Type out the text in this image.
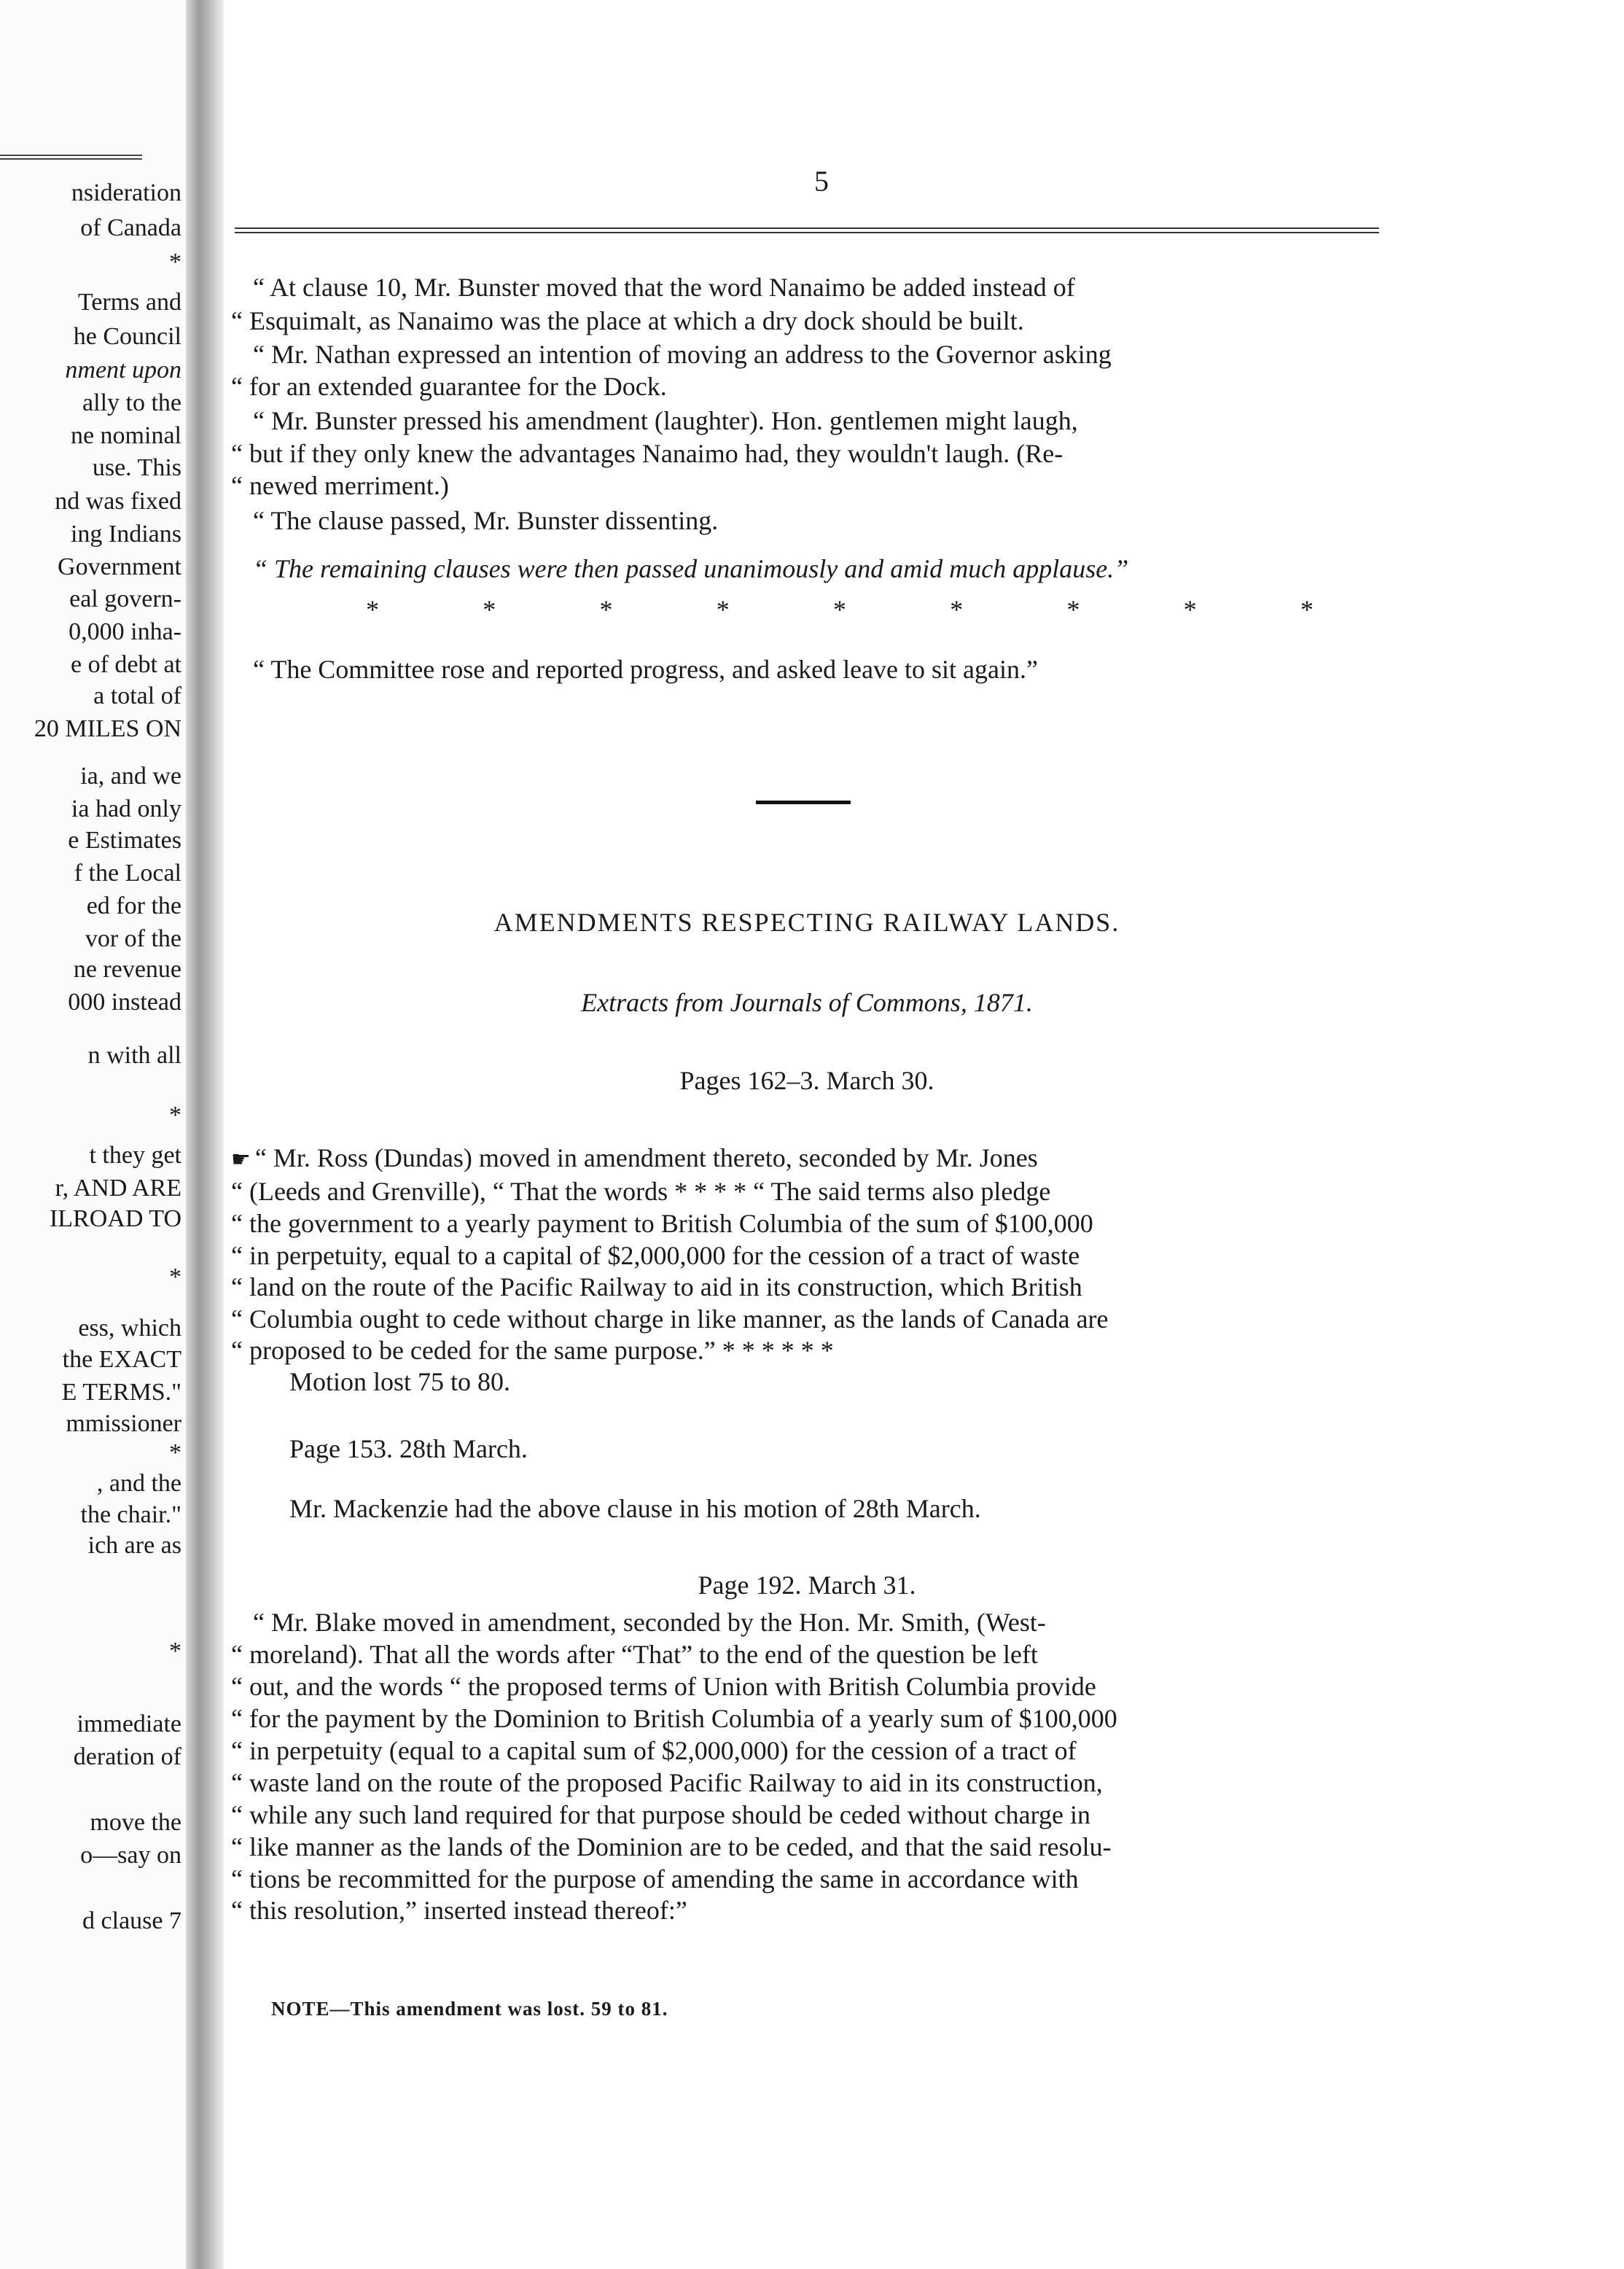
nsideration
of Canada
*
Terms and
he Council
nment upon
ally to the
ne nominal
use. This
nd was fixed
ing Indians
Government
eal govern-
0,000 inha-
e of debt at
a total of
20 MILES ON
ia, and we
ia had only
e Estimates
f the Local
ed for the
vor of the
ne revenue
000 instead
n with all
*
t they get
r, AND ARE
ILROAD TO
*
ess, which
the EXACT
E TERMS."
mmissioner
*
, and the
the chair."
ich are as
*
immediate
deration of
move the
o—say on
d clause 7
5
“ At clause 10, Mr. Bunster moved that the word Nanaimo be added instead of
“ Esquimalt, as Nanaimo was the place at which a dry dock should be built.
“ Mr. Nathan expressed an intention of moving an address to the Governor asking
“ for an extended guarantee for the Dock.
“ Mr. Bunster pressed his amendment (laughter). Hon. gentlemen might laugh,
“ but if they only knew the advantages Nanaimo had, they wouldn't laugh. (Re-
“ newed merriment.)
“ The clause passed, Mr. Bunster dissenting.
“ The remaining clauses were then passed unanimously and amid much applause.”
*	*	*	*	*	*	*	*	*
“ The Committee rose and reported progress, and asked leave to sit again.”
AMENDMENTS RESPECTING RAILWAY LANDS.
Extracts from Journals of Commons, 1871.
Pages 162–3. March 30.
☛ “ Mr. Ross (Dundas) moved in amendment thereto, seconded by Mr. Jones
“ (Leeds and Grenville), “ That the words * * * * “ The said terms also pledge
“ the government to a yearly payment to British Columbia of the sum of $100,000
“ in perpetuity, equal to a capital of $2,000,000 for the cession of a tract of waste
“ land on the route of the Pacific Railway to aid in its construction, which British
“ Columbia ought to cede without charge in like manner, as the lands of Canada are
“ proposed to be ceded for the same purpose.” * * * * * *
Motion lost 75 to 80.
Page 153. 28th March.
Mr. Mackenzie had the above clause in his motion of 28th March.
Page 192. March 31.
“ Mr. Blake moved in amendment, seconded by the Hon. Mr. Smith, (West-
“ moreland). That all the words after “That” to the end of the question be left
“ out, and the words “ the proposed terms of Union with British Columbia provide
“ for the payment by the Dominion to British Columbia of a yearly sum of $100,000
“ in perpetuity (equal to a capital sum of $2,000,000) for the cession of a tract of
“ waste land on the route of the proposed Pacific Railway to aid in its construction,
“ while any such land required for that purpose should be ceded without charge in
“ like manner as the lands of the Dominion are to be ceded, and that the said resolu-
“ tions be recommitted for the purpose of amending the same in accordance with
“ this resolution,” inserted instead thereof:”
NOTE—This amendment was lost. 59 to 81.
